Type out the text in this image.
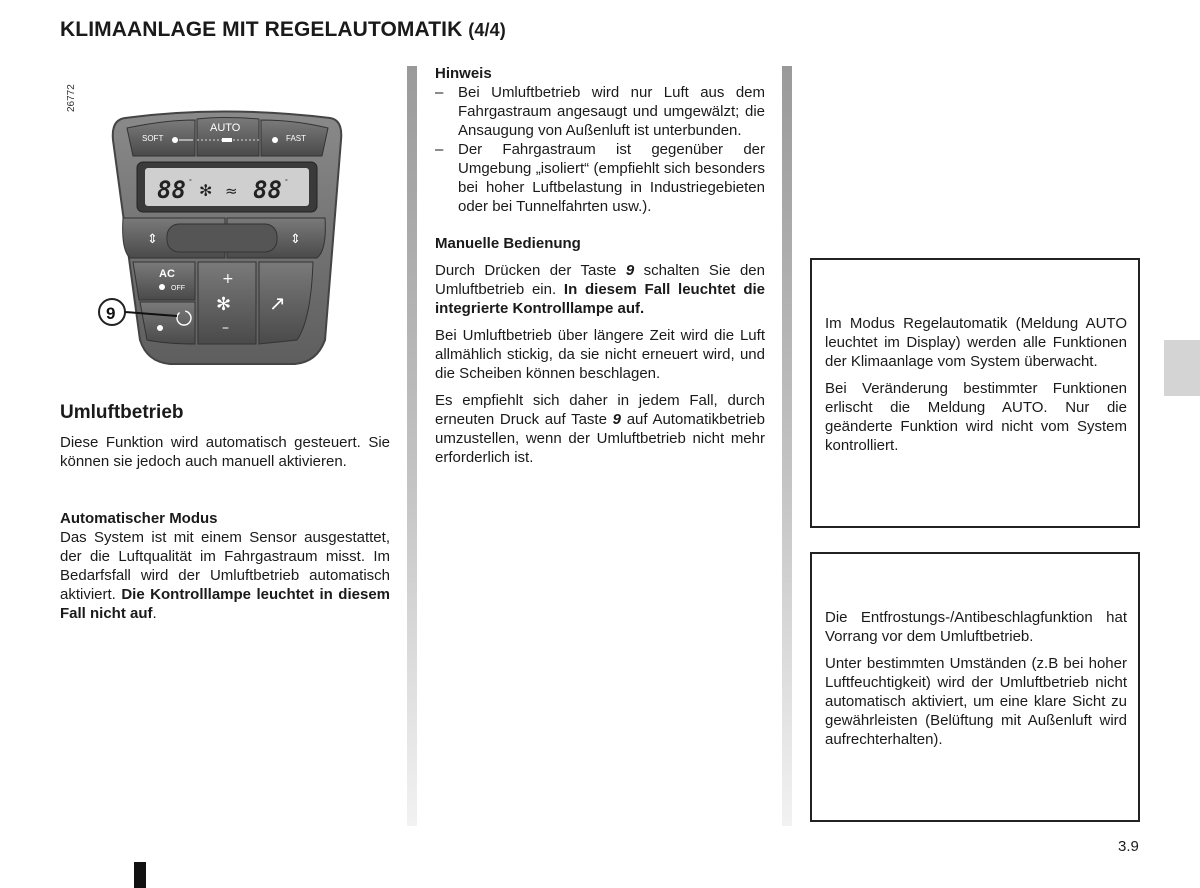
KLIMAANLAGE MIT REGELAUTOMATIK (4/4)
26772
SOFT
AUTO
FAST
88 ° ✻ ≈ 88 °
⇕	⇕
AC
OFF
+
✻
–
↗
9
Umluftbetrieb

Diese Funktion wird automatisch gesteuert. Sie können sie jedoch auch manuell aktivieren.

Automatischer Modus

Das System ist mit einem Sensor ausgestattet, der die Luftqualität im Fahrgastraum misst. Im Bedarfsfall wird der Umluftbetrieb automatisch aktiviert. Die Kontrolllampe leuchtet in diesem Fall nicht auf.

Hinweis

– Bei Umluftbetrieb wird nur Luft aus dem Fahrgastraum angesaugt und umgewälzt; die Ansaugung von Außenluft ist unterbunden.
– Der Fahrgastraum ist gegenüber der Umgebung „isoliert“ (empfiehlt sich besonders bei hoher Luftbelastung in Industriegebieten oder bei Tunnelfahrten usw.).

Manuelle Bedienung

Durch Drücken der Taste 9 schalten Sie den Umluftbetrieb ein. In diesem Fall leuchtet die integrierte Kontrolllampe auf.

Bei Umluftbetrieb über längere Zeit wird die Luft allmählich stickig, da sie nicht erneuert wird, und die Scheiben können beschlagen.

Es empfiehlt sich daher in jedem Fall, durch erneuten Druck auf Taste 9 auf Automatikbetrieb umzustellen, wenn der Umluftbetrieb nicht mehr erforderlich ist.

Im Modus Regelautomatik (Meldung AUTO leuchtet im Display) werden alle Funktionen der Klimaanlage vom System überwacht.

Bei Veränderung bestimmter Funktionen erlischt die Meldung AUTO. Nur die geänderte Funktion wird nicht vom System kontrolliert.

Die Entfrostungs-/Antibeschlagfunktion hat Vorrang vor dem Umluftbetrieb.

Unter bestimmten Umständen (z.B bei hoher Luftfeuchtigkeit) wird der Umluftbetrieb nicht automatisch aktiviert, um eine klare Sicht zu gewährleisten (Belüftung mit Außenluft wird aufrechterhalten).

3.9
